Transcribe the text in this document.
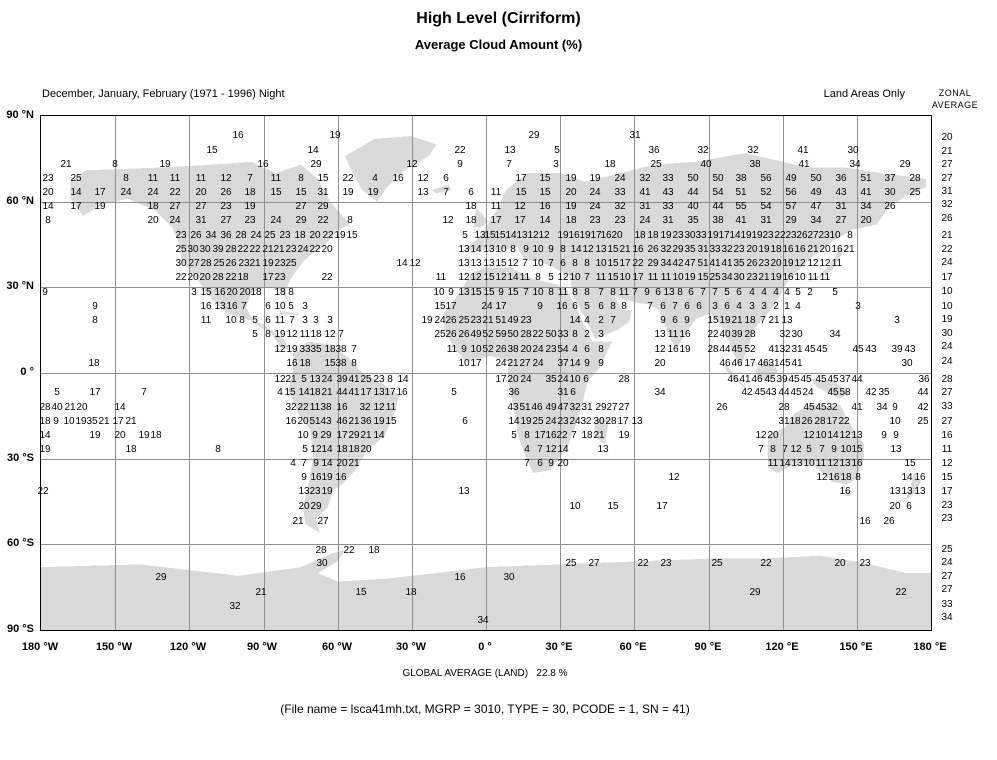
High Level (Cirriform)
Average Cloud Amount (%)
December, January, February (1971 - 1996) Night	Land Areas Only	ZONAL
AVERAGE
16	19	29	31
15	14	22	13	5	36	32	32	41	30
21	8	19	16	29	12	9	7	3	18	25	40	38	41	34	29
23 25	8 11 11 11 12 7 11 8 15 22 4 16 12 6	17 15 19 19 24 32 33 50 50 38 56 49 50 36 51 37 28
20 14 17 24 24 22 20 26 18 15 15 31 19 19	13 7 6 11 15 15 20 24 33 41 43 44 54 51 52 56 49 43 41 30 25
14 17 19	18 27 27 23 19	27 29	18 11 12 16 19 24 32 31 33 40 44 55 54 57 47 31 34 26
8	20 24 31 27 23 24 29 22 8	12 18 17 17 14 18 23 23 24 31 35 38 41 31 29 34 27 20
23 26 34 36 28 24 25 23 18 20 22 19 15	5 13
15
15 14 13 12 12 19 16 19 17
16 20 18 18 19 23 30 33 19 17 14 19 19 23 22 23 26 27 23 10 8
25 30 30 39 28 22 22 21 21 23 24 22 20	13 14 13 10 8 9 10 9 8 14 12 13 15 21 16 26 32 29 35 31 33 32 23 20 19 18 16 16 21 20 16 21
30 27 28 25 26 23 21 19 23 25	14 12	13 13 13 15 12 7 10 7 6 8 8 10 15 17 22 29 34 42 47 51 41 41 35 26 23 20 19 12 12 12 11
22 20 20 28 22 18 17 23	22	11 12 12 15 12 14 11 8 5 12 10 7 11 15 10 17 11 11 10 19 15 25 34 30 23 21 19 16 10 11 11
9	3 15 16 20 20 18 18 8	10 9 13 15 15 9 15 7 10 8 11 8 8 7 8 11 7 9 6 13 8 6 7 7 5 6 4 4 4 4 5 2 5
9	16 13 16 7 6 10 5 3	15 17 24 17	9 16 6 5 6 8 8 7 6 7 6 6 3 6 4 3 3 2 1 4	3
8	11 10 8 5 6 11 7 3 3 3	19 24 26 25 23 21 51 49 23	14 4 2 7	9 6 9 15 19 21 18 7 21 13	3
5 8 19 12 11 18 12 7	25 26 26 49 52 59 50 28 22 50 33 8 2 3	13 11 16 22 40 39 28 32 30	34
12 19 33 35 18 38 7	11 9 10 52 26 38 20 24 23 54 4 6 8	12 16 19 28 44 45 52 41 32 31 45 45 45 43 39 43
18	16 18 15 38 8	10 17 24 21 27 24 37 14 9 9	20	46 46 17 46 31 45 41	30
12 21 5 13 24 39 41 25 23 8 14	17 20 24 35 24 10 6	28	46 41 46 45 39 45 45 45 45 37 44	36
5	17	7	4 15 14 18 21 44 41 17 13 17 16	5	36	31 6	34	42 45 43 44 45 24 45 58 42 35	44
28 40 21 20	14	32 22 11 38 16 32 12 11	43 51 46 49 47 32 31 29 27 27	26	28 45 45 32 41 34 9 42
18 9 10 19 35 21 17 21	16 20 51 43 46 21 36 19 15	6	14 19 25 24 23 24 32 30 28 17 13	31 18 26 28 17 22	10 25
14	19 20 19 18	10 9 29 17 29 21 14	5 8 17 16 22 7 18 21 19	12 20 12 10 14 12 13 9 9
19	18	8	5 12 14 18 18 20	4 7 12 14	13	7 8 7 12 5 7 9 10 15	13
4 7 9 14 20 21	7 6 9 20	11 14 13 10 11 12 13 16	15
9 16 19 16	12	12 16 18 8	14 16
22	13 23 19	13	16	13 13 13
20 29	10	15	17	20 6
21 27	16 26
28 22 18
30	25 27	22 23	25	22	20 23
29	16	30
21	15	18	29	22
32
34
20
21
27
27
31
32
26
21
22
24
17
10
10
19
30
24
24
28
27
33
27
16
11
12
15
17
23
23
25
24
27
27
33
34
90 °N
60 °N
30 °N
0 °
30 °S
60 °S
90 °S
180 °W	150 °W	120 °W	90 °W	60 °W	30 °W	0 °	30 °E	60 °E	90 °E	120 °E	150 °E	180 °E
GLOBAL AVERAGE (LAND)   22.8 %
(File name = lsca41mh.txt, MGRP = 3010, TYPE = 30, PCODE = 1, SN = 41)
